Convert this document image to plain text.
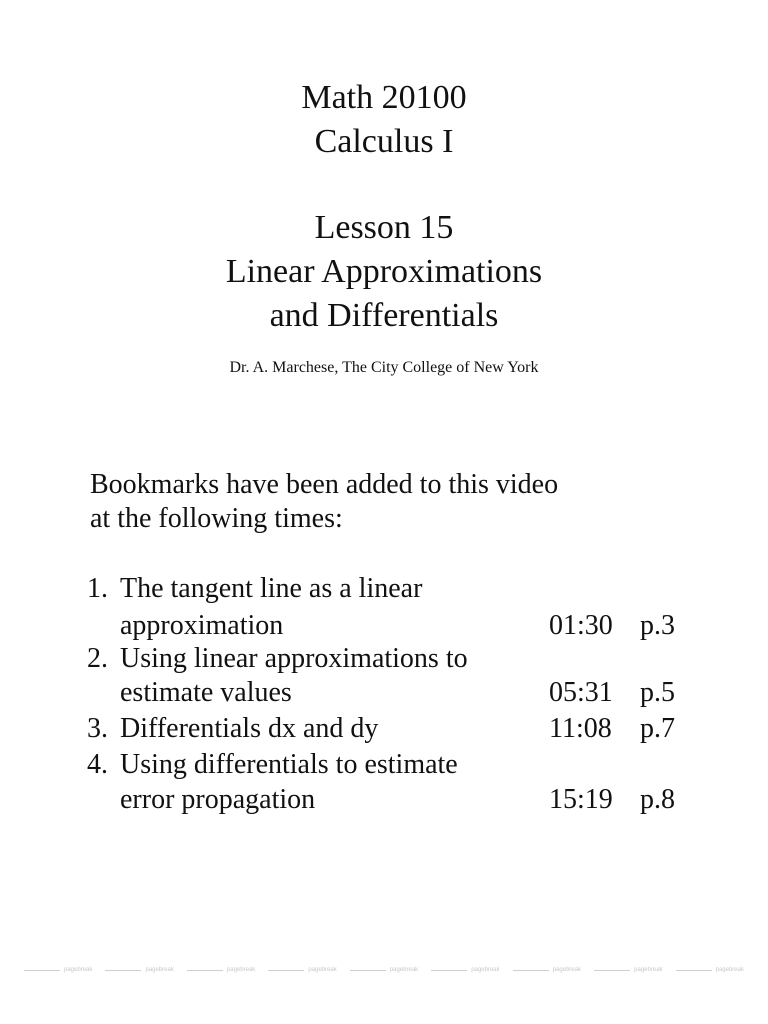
Math 20100
Calculus I
Lesson 15
Linear Approximations
and Differentials
Dr. A. Marchese, The City College of New York
Bookmarks have been added to this video
at the following times:
1. The tangent line as a linear
approximation	01:30 p.3
2. Using linear approximations to
estimate values	05:31 p.5
3. Differentials dx and dy	11:08 p.7
4. Using differentials to estimate
error propagation	15:19 p.8
pagebreak	pagebreak	pagebreak	pagebreak	pagebreak	pagebreak	pagebreak	pagebreak	pagebreak
